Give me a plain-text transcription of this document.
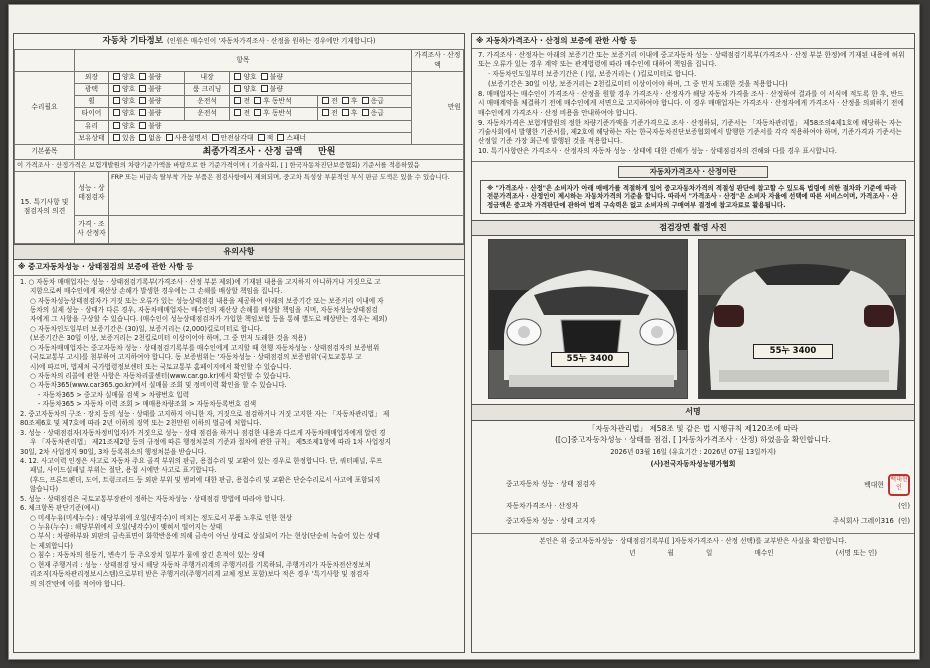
자동차 기타정보 (인원은 매수인이 '자동차가격조사 · 산정을 원하는 경우에만 기재합니다)
	항목					가격조사 · 산정액
수리필요	외장	양호 불량	내장	양호 불량		만원
	광택	양호 불량	룸 크리닝	양호 불량		
	휠	양호 불량	운전석	전 후 동반석	전 후 응급	
	타이어	양호 불량	운전석	전 후 동반석	전 후 응급	
	유리	양호 불량				
	보유상태	있음 없음 사용설명서 안전삼각대 잭 스패너				
기본품목	최종가격조사 · 산정 금액 만원					
이 가격조사 · 산정가격은 보험개발원의 차량기준가액을 바탕으로 한 기준가격이며 ( 기술사회, [ ] 한국자동차진단보증협회) 기준서를 적용하였음						
15. 특기사항 및 점검자의 의견	성능 · 상태점검자	FRP 또는 비금속 탈부착 가능 부품은 점검사항에서 제외되며, 중고차 특성상 부분적인 부식 판금 도색은 있을 수 있습니다.				
	가격 · 조사 산정자					
유의사항
※ 중고자동차성능 · 상태점검의 보증에 관한 사항 등

1. ○ 자동차 매매업자는 성능 · 상태점검기록부(가격조사 · 산정 부분 제외)에 기재된 내용을 고지하지 아니하거나 거짓으로 고

지함으로써 매수인에게 재산상 손해가 발생한 경우에는 그 손해를 배상할 책임을 집니다.

○ 자동차성능상태점검자가 거짓 또는 오류가 있는 성능상태점검 내용을 제공하여 아래의 보증기간 또는 보증거리 이내에 자

동차의 실제 성능 · 상태가 다른 경우, 자동차매매업자는 매수인의 재산상 손해를 배상할 책임을 지며, 자동차성능상태점검

자에게 그 사항을 구상할 수 있습니다. (매수인이 성능상태점검자가 가입한 책임보험 등을 통해 별도로 배상받는 경우는 제외)

○ 자동차인도일부터 보증기간은 (30)일, 보증거리는 (2,000)킬로미터로 합니다.

(보증기간은 30일 이상, 보증거리는 2천킬로미터 이상이어야 하며, 그 중 먼저 도래한 것을 적용)

○ 자동차매매업자는 중고자동차 성능 · 상태점검기록부를 매수인에게 고지할 때 현행 자동차성능 · 상태점검자의 보증범위

(국토교통부 고시)를 첨부하여 고지하여야 합니다. 동 보증범위는 '자동차성능 · 상태점검의 보증범위'(국토교통부 고

시)에 따르며, 법제처 국가법령정보센터 또는 국토교통부 홈페이지에서 확인할 수 있습니다.

○ 자동차의 리콜에 관한 사항은 자동차리콜센터(www.car.go.kr)에서 확인할 수 있습니다.

○ 자동차365(www.car365.go.kr)에서 실매물 조회 및 정비이력 확인을 할 수 있습니다.

- 자동차365 > 중고차 실매물 검색 > 차량번호 입력

- 자동차365 > 자동차 이력 조회 > 매매용차량조회 > 자동차등록번호 검색

2. 중고자동차의 구조 · 장치 등의 성능 · 상태를 고지하지 아니한 자, 거짓으로 점검하거나 거짓 고지한 자는 「자동차관리법」 제

80조제6호 및 제7호에 따라 2년 이하의 징역 또는 2천만원 이하의 벌금에 처합니다.

3. 성능 · 상태점검자(자동차정비업자)가 거짓으로 성능 · 상태 점검을 하거나 점검한 내용과 다르게 자동차매매업자에게 알린 경

우 「자동차관리법」 제21조제2항 등의 규정에 따른 행정처분의 기준과 절차에 관한 규칙」 제5조제1항에 따라 1차 사업정지

30일, 2차 사업정지 90일, 3차 등록취소의 행정처분을 받습니다.

4. 12. 사고이력 인정은 사고로 자동차 주요 골격 부위의 판금, 용접수리 및 교환이 있는 경우로 한정합니다. 단, 쿼터패널, 루프

패널, 사이드실패널 부위는 절단, 용접 시에만 사고로 표기합니다.

(후드, 프론트펜더, 도어, 트렁크리드 등 외판 부위 및 범퍼에 대한 판금, 용접수리 및 교환은 단순수리로서 사고에 포함되지

않습니다)

5. 성능 · 상태점검은 국토교통부장관이 정하는 자동차성능 · 상태점검 방법에 따라야 합니다.

6. 체크항목 판단기준(예시)

○ 미세누유(미세누수) : 해당부위에 오일(냉각수)이 비치는 정도로서 부품 노후로 인한 현상

○ 누유(누수) : 해당부위에서 오일(냉각수)이 맺혀서 떨어지는 상태

○ 부식 : 차량하부와 외판의 금속표면이 화학반응에 의해 금속이 아닌 상태로 상실되어 가는 현상(단순히 녹슬어 있는 상태

는 제외합니다)

○ 침수 : 자동차의 원동기, 변속기 등 주요장치 일부가 물에 잠긴 흔적이 있는 상태

○ 현재 주행거리 : 성능 · 상태점검 당시 해당 자동차 주행거리계의 주행거리를 기록하되, 주행거리가 자동차전산정보처

리조직(자동차관리정보시스템)으로부터 받은 주행거리(주행거리계 교체 정보 포함)보다 적은 경우 '특기사항 및 점검자

의 의견'란에 이를 적어야 합니다.

※ 자동차가격조사 · 산정의 보증에 관한 사항 등

7. 가격조사 · 산정자는 아래의 보증기간 또는 보증거리 이내에 중고자동차 성능 · 상태점검기록부(가격조사 · 산정 부분 한정)에 기재된 내용에 허위 또는 오류가 있는 경우 계약 또는 관계법령에 따라 매수인에 대하여 책임을 집니다.

· 자동차인도일부터 보증기간은 ( )일, 보증거리는 ( )킬로미터로 합니다.

(보증기간은 30일 이상, 보증거리는 2천킬로미터 이상이어야 하며, 그 중 먼저 도래한 것을 적용합니다)

8. 매매업자는 매수인이 가격조사 · 산정을 원할 경우 가격조사 · 산정자가 해당 자동차 가격을 조사 · 산정하여 결과를 이 서식에 적도록 한 후, 반드시 매매계약을 체결하기 전에 매수인에게 서면으로 고지하여야 합니다. 이 경우 매매업자는 가격조사 · 산정자에게 가격조사 · 산정을 의뢰하기 전에 매수인에게 가격조사 · 산정 비용을 안내하여야 합니다.

9. 자동차가격은 보험개발원의 정한 차량기준가액을 기준가격으로 조사 · 산정하되, 기준서는 「자동차관리법」 제58조의4제1호에 해당하는 자는 기술사회에서 발행한 기준서를, 제2호에 해당하는 자는 한국자동차진단보증협회에서 발행한 기준서를 각각 적용하여야 하며, 기준가격과 기준서는 산정일 기준 가장 최근에 발행된 것을 적용합니다.

10. 특기사항란은 가격조사 · 산정자의 자동차 성능 · 상태에 대한 견해가 성능 · 상태점검자의 견해와 다를 경우 표시합니다.

자동차가격조사 · 산정이란
※ "가격조사 · 산정"은 소비자가 아래 매매가를 적절하게 있어 중고자동차가격의 적절성 판단에 참고할 수 있도록 법령에 의한 절차와 기준에 따라 전문가격조사 · 산정인이 제시하는 자동차가격의 기준을 합니다. 따라서 "가격조사 · 산정"은 소비자 자율에 선택에 따른 서비스이며, 가격조사 · 산정금액은 중고차 가격판단에 관하여 법적 구속력은 없고 소비자의 구매여부 결정에 참고자료로 활용됩니다.
점검장면 촬영 사진
55누 3400
55누 3400
서명
「자동차관리법」 제58조 및 같은 법 시행규칙 제120조에 따라
([○]중고자동차성능 · 상태를 점검, [ ]자동차가격조사 · 산정) 하였음을 확인합니다.
2026년 03월 16일 (유효기간 : 2026년 07월 13일까지)
(사)전국자동차성능평가협회
중고자동차 성능 · 상태 점검자	백대현 백대현인
자동차가격조사 · 산정자	(인)
중고자동차 성능 · 상태 고지자	주식회사 그레이316 (인)
본인은 위 중고자동차성능 · 상태점검기록부([ ]자동차가격조사 · 산정 선택)를 교부받은 사실을 확인합니다.
년	월	일	매수인	(서명 또는 인)
